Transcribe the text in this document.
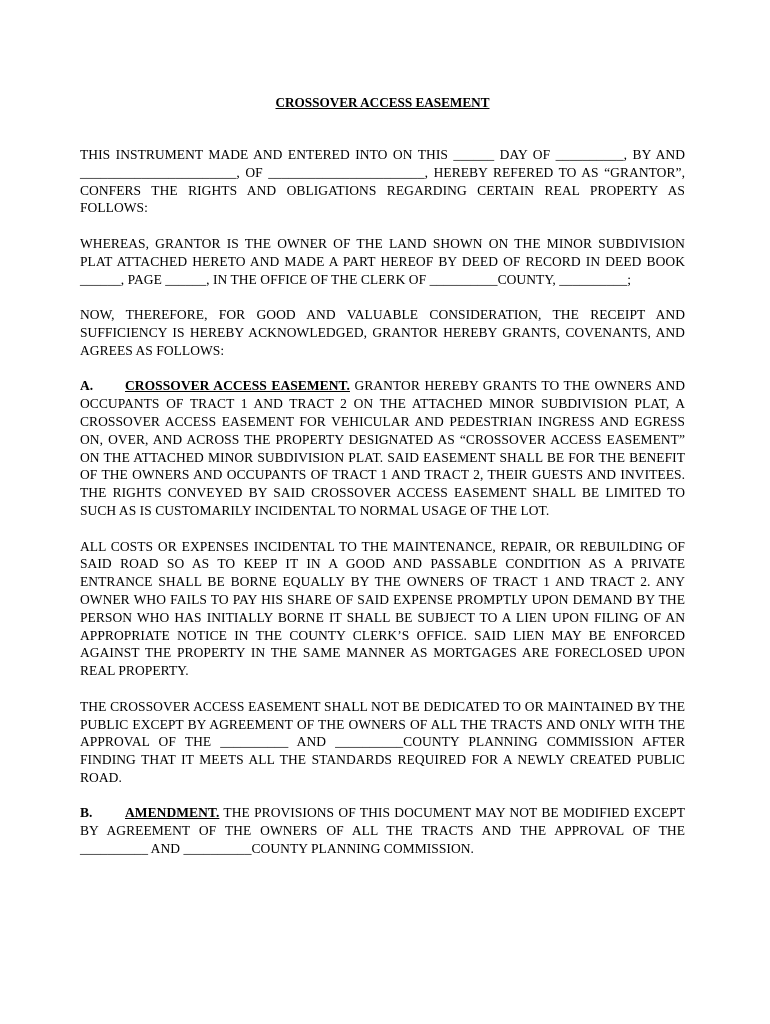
CROSSOVER ACCESS EASEMENT

THIS INSTRUMENT MADE AND ENTERED INTO ON THIS ______ DAY OF __________, BY AND _______________________, OF _______________________, HEREBY REFERED TO AS “GRANTOR”, CONFERS THE RIGHTS AND OBLIGATIONS REGARDING CERTAIN REAL PROPERTY AS FOLLOWS:

WHEREAS, GRANTOR IS THE OWNER OF THE LAND SHOWN ON THE MINOR SUBDIVISION PLAT ATTACHED HERETO AND MADE A PART HEREOF BY DEED OF RECORD IN DEED BOOK ______, PAGE ______, IN THE OFFICE OF THE CLERK OF __________COUNTY, __________;

NOW, THEREFORE, FOR GOOD AND VALUABLE CONSIDERATION, THE RECEIPT AND SUFFICIENCY IS HEREBY ACKNOWLEDGED, GRANTOR HEREBY GRANTS, COVENANTS, AND AGREES AS FOLLOWS:

A. CROSSOVER ACCESS EASEMENT. GRANTOR HEREBY GRANTS TO THE OWNERS AND OCCUPANTS OF TRACT 1 AND TRACT 2 ON THE ATTACHED MINOR SUBDIVISION PLAT, A CROSSOVER ACCESS EASEMENT FOR VEHICULAR AND PEDESTRIAN INGRESS AND EGRESS ON, OVER, AND ACROSS THE PROPERTY DESIGNATED AS “CROSSOVER ACCESS EASEMENT” ON THE ATTACHED MINOR SUBDIVISION PLAT. SAID EASEMENT SHALL BE FOR THE BENEFIT OF THE OWNERS AND OCCUPANTS OF TRACT 1 AND TRACT 2, THEIR GUESTS AND INVITEES. THE RIGHTS CONVEYED BY SAID CROSSOVER ACCESS EASEMENT SHALL BE LIMITED TO SUCH AS IS CUSTOMARILY INCIDENTAL TO NORMAL USAGE OF THE LOT.

ALL COSTS OR EXPENSES INCIDENTAL TO THE MAINTENANCE, REPAIR, OR REBUILDING OF SAID ROAD SO AS TO KEEP IT IN A GOOD AND PASSABLE CONDITION AS A PRIVATE ENTRANCE SHALL BE BORNE EQUALLY BY THE OWNERS OF TRACT 1 AND TRACT 2. ANY OWNER WHO FAILS TO PAY HIS SHARE OF SAID EXPENSE PROMPTLY UPON DEMAND BY THE PERSON WHO HAS INITIALLY BORNE IT SHALL BE SUBJECT TO A LIEN UPON FILING OF AN APPROPRIATE NOTICE IN THE COUNTY CLERK’S OFFICE. SAID LIEN MAY BE ENFORCED AGAINST THE PROPERTY IN THE SAME MANNER AS MORTGAGES ARE FORECLOSED UPON REAL PROPERTY.

THE CROSSOVER ACCESS EASEMENT SHALL NOT BE DEDICATED TO OR MAINTAINED BY THE PUBLIC EXCEPT BY AGREEMENT OF THE OWNERS OF ALL THE TRACTS AND ONLY WITH THE APPROVAL OF THE __________ AND __________COUNTY PLANNING COMMISSION AFTER FINDING THAT IT MEETS ALL THE STANDARDS REQUIRED FOR A NEWLY CREATED PUBLIC ROAD.

B. AMENDMENT. THE PROVISIONS OF THIS DOCUMENT MAY NOT BE MODIFIED EXCEPT BY AGREEMENT OF THE OWNERS OF ALL THE TRACTS AND THE APPROVAL OF THE __________ AND __________COUNTY PLANNING COMMISSION.
